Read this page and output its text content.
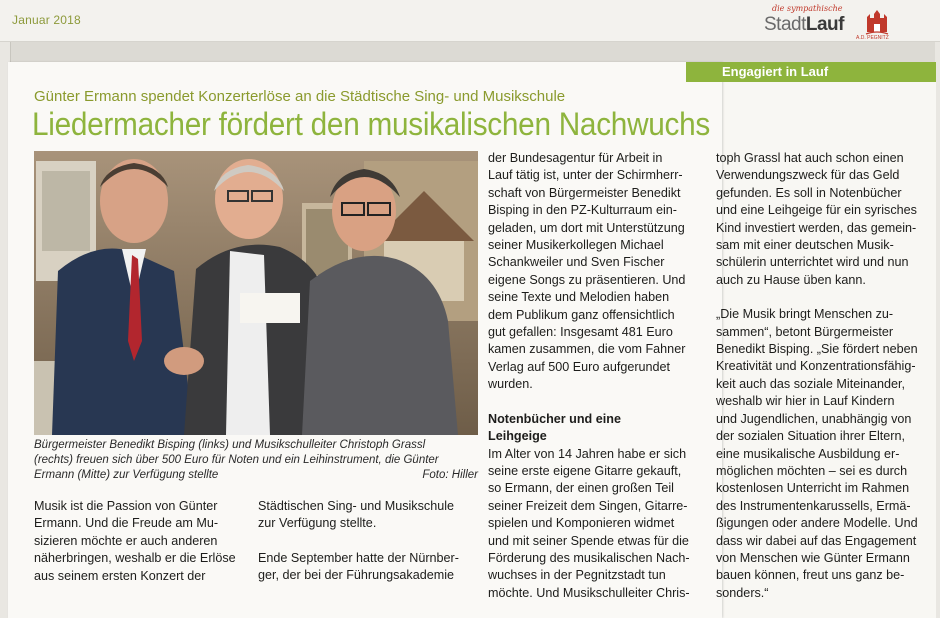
Januar 2018
die sympathische
StadtLauf
A.D. PEGNITZ
Engagiert in Lauf
Günter Ermann spendet Konzerterlöse an die Städtische Sing- und Musikschule
Liedermacher fördert den musikalischen Nachwuchs
Bürgermeister Benedikt Bisping (links) und Musikschulleiter Christoph Grassl
(rechts) freuen sich über 500 Euro für Noten und ein Leihinstrument, die Günter
Ermann (Mitte) zur Verfügung stellte	Foto: Hiller

Musik ist die Passion von Günter
Ermann. Und die Freude am Mu-
sizieren möchte er auch anderen
näherbringen, weshalb er die Erlöse
aus seinem ersten Konzert der

Städtischen Sing- und Musikschule
zur Verfügung stellte.

Ende September hatte der Nürnber-
ger, der bei der Führungsakademie

der Bundesagentur für Arbeit in
Lauf tätig ist, unter der Schirmherr-
schaft von Bürgermeister Benedikt
Bisping in den PZ-Kulturraum ein-
geladen, um dort mit Unterstützung
seiner Musikerkollegen Michael
Schankweiler und Sven Fischer
eigene Songs zu präsentieren. Und
seine Texte und Melodien haben
dem Publikum ganz offensichtlich
gut gefallen: Insgesamt 481 Euro
kamen zusammen, die vom Fahner
Verlag auf 500 Euro aufgerundet
wurden.

Notenbücher und eine
Leihgeige

Im Alter von 14 Jahren habe er sich
seine erste eigene Gitarre gekauft,
so Ermann, der einen großen Teil
seiner Freizeit dem Singen, Gitarre-
spielen und Komponieren widmet
und mit seiner Spende etwas für die
Förderung des musikalischen Nach-
wuchses in der Pegnitzstadt tun
möchte. Und Musikschulleiter Chris-

toph Grassl hat auch schon einen
Verwendungszweck für das Geld
gefunden. Es soll in Notenbücher
und eine Leihgeige für ein syrisches
Kind investiert werden, das gemein-
sam mit einer deutschen Musik-
schülerin unterrichtet wird und nun
auch zu Hause üben kann.

„Die Musik bringt Menschen zu-
sammen“, betont Bürgermeister
Benedikt Bisping. „Sie fördert neben
Kreativität und Konzentrationsfähig-
keit auch das soziale Miteinander,
weshalb wir hier in Lauf Kindern
und Jugendlichen, unabhängig von
der sozialen Situation ihrer Eltern,
eine musikalische Ausbildung er-
möglichen möchten – sei es durch
kostenlosen Unterricht im Rahmen
des Instrumentenkarussells, Ermä-
ßigungen oder andere Modelle. Und
dass wir dabei auf das Engagement
von Menschen wie Günter Ermann
bauen können, freut uns ganz be-
sonders.“
